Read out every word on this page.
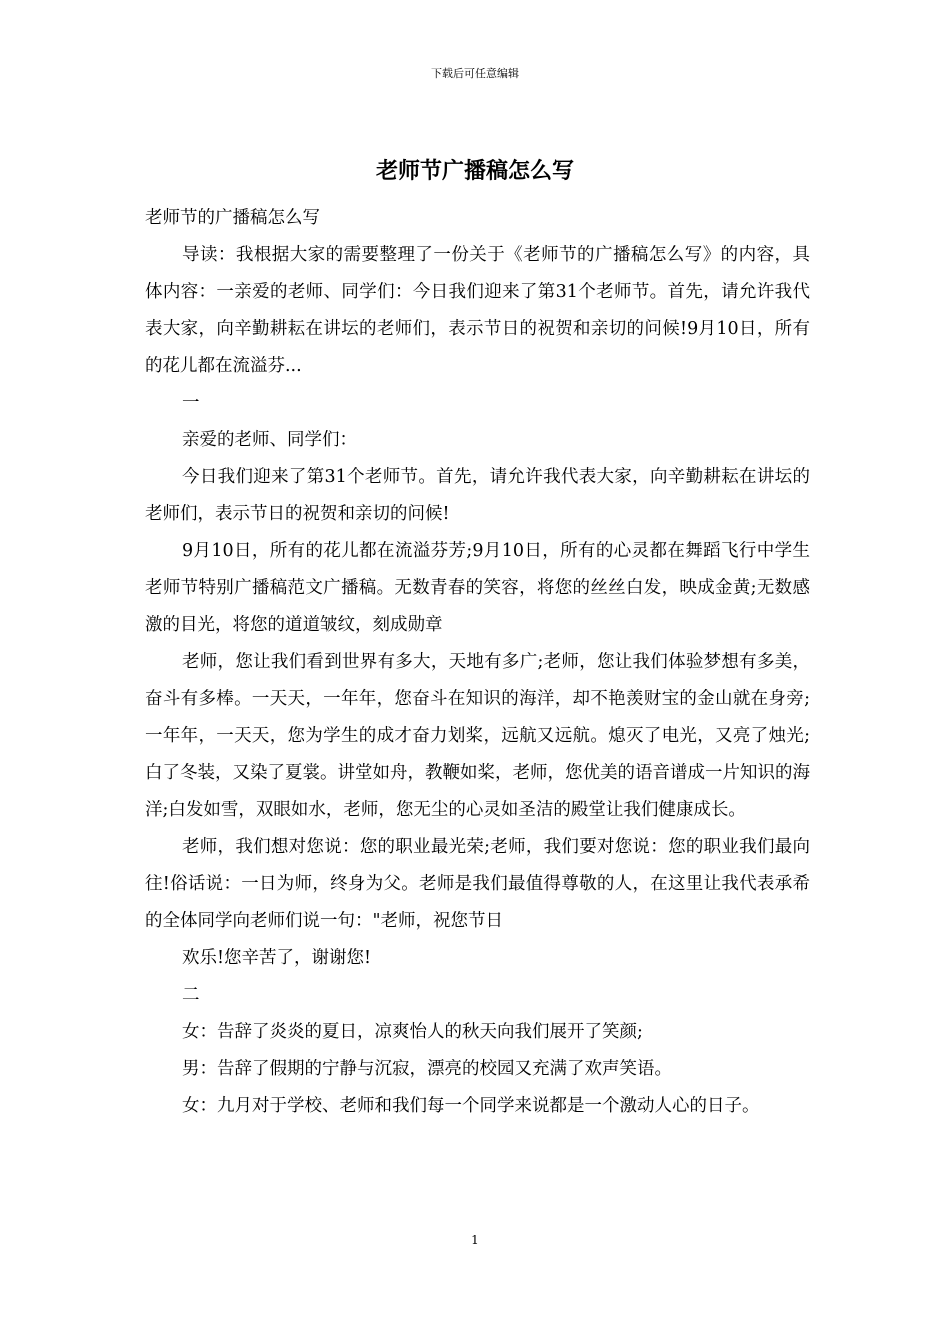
下载后可任意编辑
老师节广播稿怎么写

老师节的广播稿怎么写

导读：我根据大家的需要整理了一份关于《老师节的广播稿怎么写》的内容，具体内容：一亲爱的老师、同学们：今日我们迎来了第31个老师节。首先，请允许我代表大家，向辛勤耕耘在讲坛的老师们，表示节日的祝贺和亲切的问候!9月10日，所有的花儿都在流溢芬...

一

亲爱的老师、同学们：

今日我们迎来了第31个老师节。首先，请允许我代表大家，向辛勤耕耘在讲坛的老师们，表示节日的祝贺和亲切的问候!

9月10日，所有的花儿都在流溢芬芳;9月10日，所有的心灵都在舞蹈飞行中学生老师节特别广播稿范文广播稿。无数青春的笑容，将您的丝丝白发，映成金黄;无数感激的目光，将您的道道皱纹，刻成勋章

老师，您让我们看到世界有多大，天地有多广;老师，您让我们体验梦想有多美，奋斗有多棒。一天天，一年年，您奋斗在知识的海洋，却不艳羡财宝的金山就在身旁;一年年，一天天，您为学生的成才奋力划桨，远航又远航。熄灭了电光，又亮了烛光;白了冬装，又染了夏裳。讲堂如舟，教鞭如桨，老师，您优美的语音谱成一片知识的海洋;白发如雪，双眼如水，老师，您无尘的心灵如圣洁的殿堂让我们健康成长。

老师，我们想对您说：您的职业最光荣;老师，我们要对您说：您的职业我们最向往!俗话说：一日为师，终身为父。老师是我们最值得尊敬的人，在这里让我代表承希的全体同学向老师们说一句："老师，祝您节日

欢乐!您辛苦了，谢谢您!

二

女：告辞了炎炎的夏日，凉爽怡人的秋天向我们展开了笑颜;

男：告辞了假期的宁静与沉寂，漂亮的校园又充满了欢声笑语。

女：九月对于学校、老师和我们每一个同学来说都是一个激动人心的日子。

1
